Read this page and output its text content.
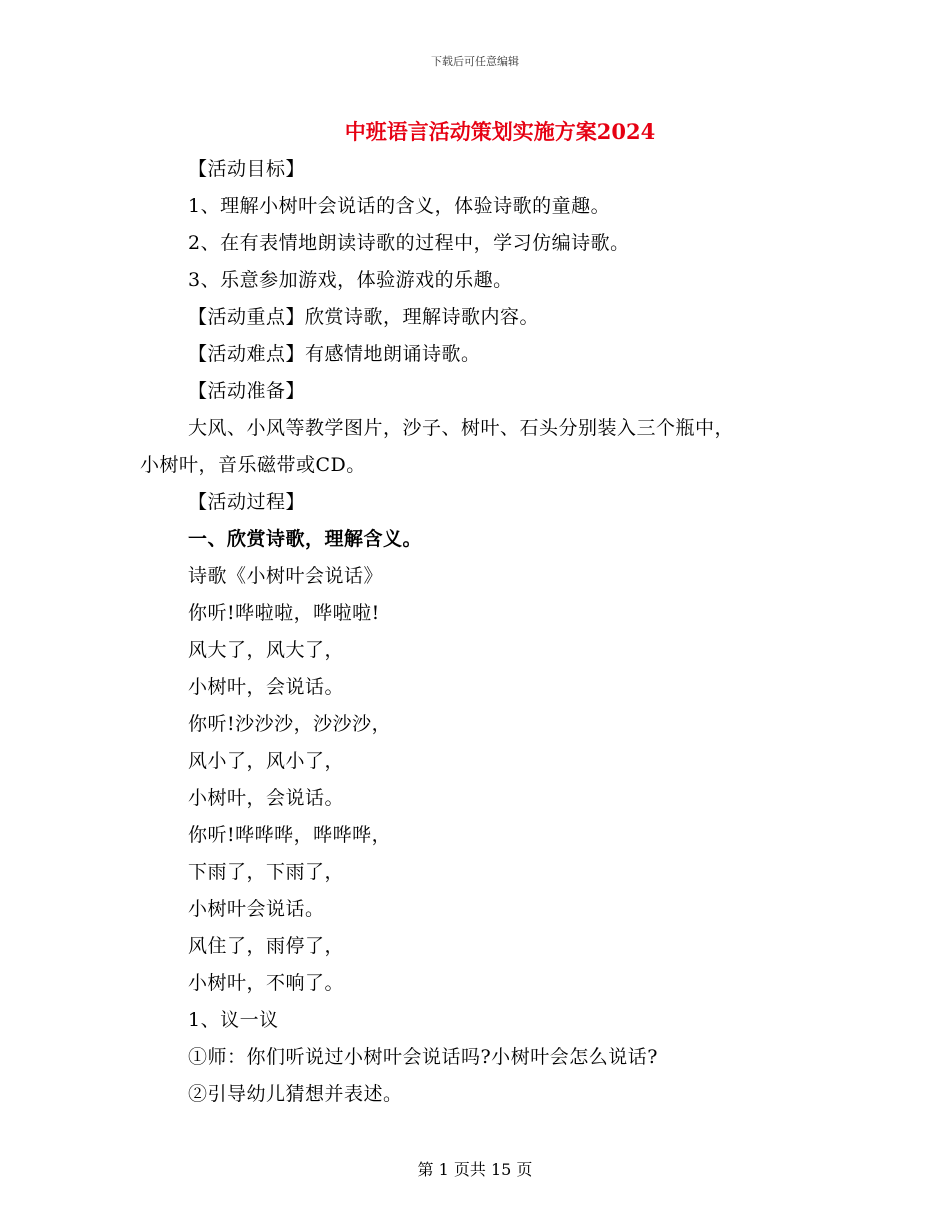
下载后可任意编辑
中班语言活动策划实施方案2024
【活动目标】
1、理解小树叶会说话的含义，体验诗歌的童趣。
2、在有表情地朗读诗歌的过程中，学习仿编诗歌。
3、乐意参加游戏，体验游戏的乐趣。
【活动重点】欣赏诗歌，理解诗歌内容。
【活动难点】有感情地朗诵诗歌。
【活动准备】
大风、小风等教学图片，沙子、树叶、石头分别装入三个瓶中，
小树叶，音乐磁带或CD。
【活动过程】
一、欣赏诗歌，理解含义。
诗歌《小树叶会说话》
你听!哗啦啦，哗啦啦!
风大了，风大了，
小树叶，会说话。
你听!沙沙沙，沙沙沙，
风小了，风小了，
小树叶，会说话。
你听!哗哗哗，哗哗哗，
下雨了，下雨了，
小树叶会说话。
风住了，雨停了，
小树叶，不响了。
1、议一议
①师：你们听说过小树叶会说话吗?小树叶会怎么说话?
②引导幼儿猜想并表述。
第 1 页共 15 页
